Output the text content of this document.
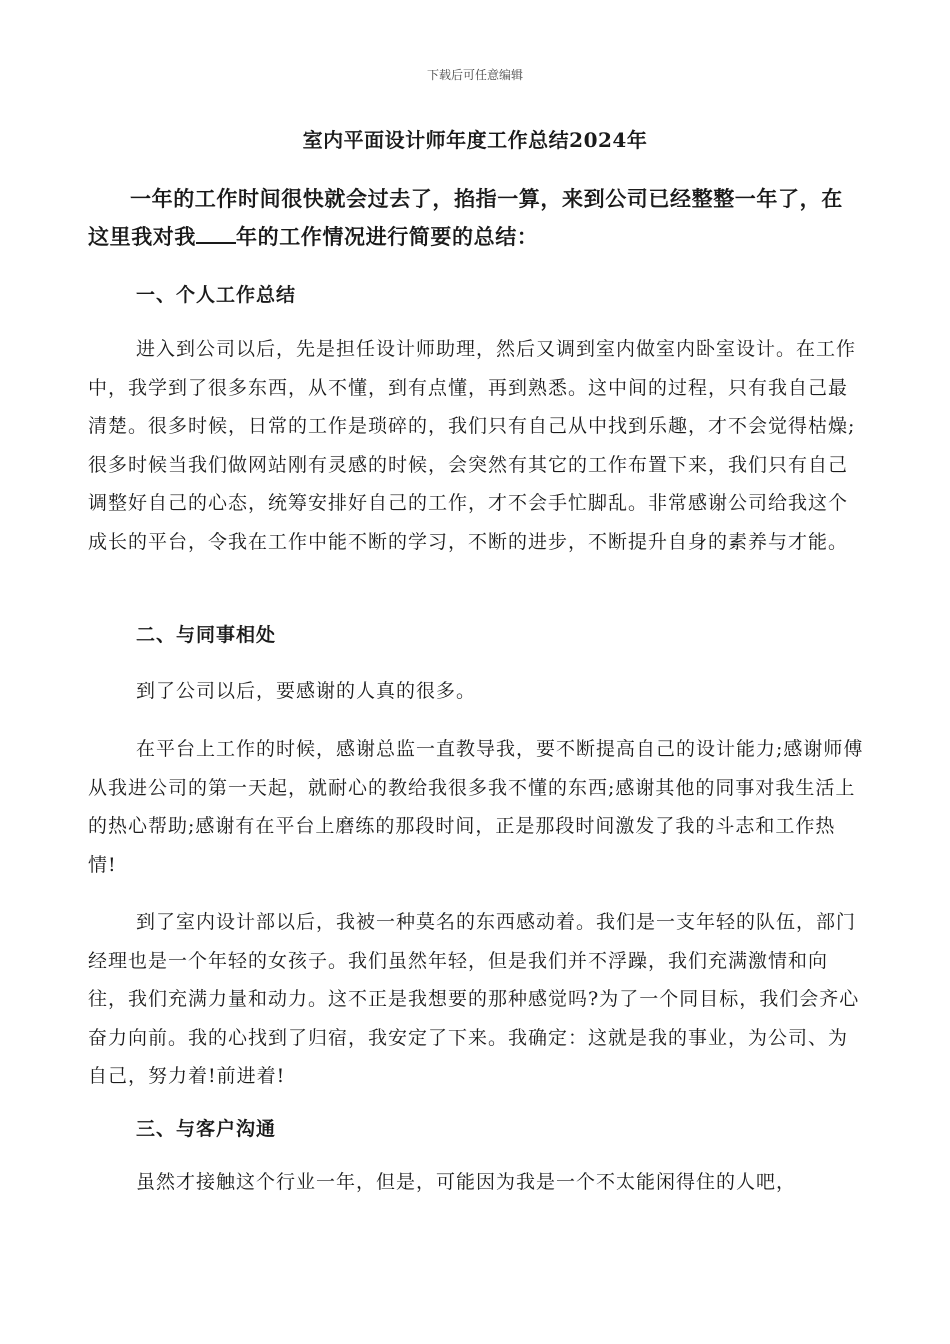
下载后可任意编辑
室内平面设计师年度工作总结2024年

一年的工作时间很快就会过去了，掐指一算，来到公司已经整整一年了，在这里我对我 年的工作情况进行简要的总结：

一、个人工作总结

进入到公司以后，先是担任设计师助理，然后又调到室内做室内卧室设计。在工作中，我学到了很多东西，从不懂，到有点懂，再到熟悉。这中间的过程，只有我自己最清楚。很多时候，日常的工作是琐碎的，我们只有自己从中找到乐趣，才不会觉得枯燥;很多时候当我们做网站刚有灵感的时候，会突然有其它的工作布置下来，我们只有自己调整好自己的心态，统筹安排好自己的工作，才不会手忙脚乱。非常感谢公司给我这个成长的平台，令我在工作中能不断的学习，不断的进步，不断提升自身的素养与才能。

二、与同事相处

到了公司以后，要感谢的人真的很多。

在平台上工作的时候，感谢总监一直教导我，要不断提高自己的设计能力;感谢师傅从我进公司的第一天起，就耐心的教给我很多我不懂的东西;感谢其他的同事对我生活上的热心帮助;感谢有在平台上磨练的那段时间，正是那段时间激发了我的斗志和工作热情!

到了室内设计部以后，我被一种莫名的东西感动着。我们是一支年轻的队伍，部门经理也是一个年轻的女孩子。我们虽然年轻，但是我们并不浮躁，我们充满激情和向往，我们充满力量和动力。这不正是我想要的那种感觉吗?为了一个同目标，我们会齐心奋力向前。我的心找到了归宿，我安定了下来。我确定：这就是我的事业，为公司、为自己，努力着!前进着!

三、与客户沟通

虽然才接触这个行业一年，但是，可能因为我是一个不太能闲得住的人吧，
